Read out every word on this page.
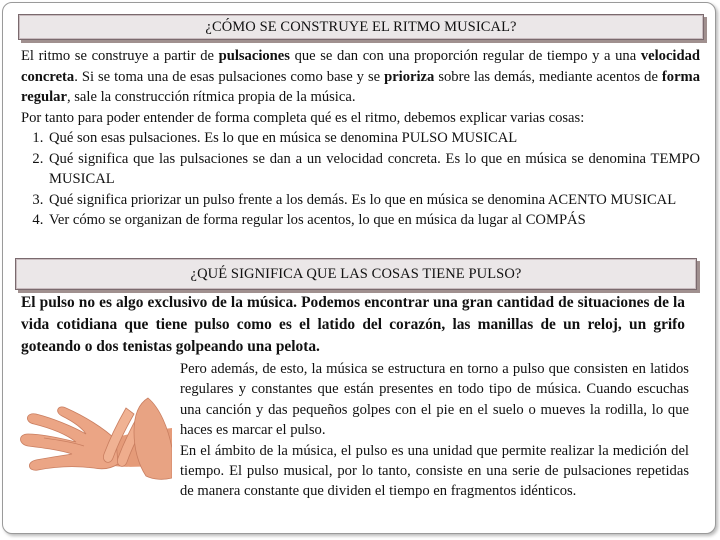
¿CÓMO SE CONSTRUYE EL RITMO MUSICAL?

El ritmo se construye a partir de pulsaciones que se dan con una proporción regular de tiempo y a una velocidad concreta. Si se toma una de esas pulsaciones como base y se prioriza sobre las demás, mediante acentos de forma regular, sale la construcción rítmica propia de la música.

Por tanto para poder entender de forma completa qué es el ritmo, debemos explicar varias cosas:

1. Qué son esas pulsaciones. Es lo que en música se denomina PULSO MUSICAL
2. Qué significa que las pulsaciones se dan a un velocidad concreta. Es lo que en música se denomina TEMPO MUSICAL
3. Qué significa priorizar un pulso frente a los demás. Es lo que en música se denomina ACENTO MUSICAL
4. Ver cómo se organizan de forma regular los acentos, lo que en música da lugar al COMPÁS
¿QUÉ SIGNIFICA QUE LAS COSAS TIENE PULSO?
El pulso no es algo exclusivo de la música. Podemos encontrar una gran cantidad de situaciones de la vida cotidiana que tiene pulso como es el latido del corazón, las manillas de un reloj, un grifo goteando o dos tenistas golpeando una pelota.

Pero además, de esto, la música se estructura en torno a pulso que consisten en latidos regulares y constantes que están presentes en todo tipo de música. Cuando escuchas una canción y das pequeños golpes con el pie en el suelo o mueves la rodilla, lo que haces es marcar el pulso.

En el ámbito de la música, el pulso es una unidad que permite realizar la medición del tiempo. El pulso musical, por lo tanto, consiste en una serie de pulsaciones repetidas de manera constante que dividen el tiempo en fragmentos idénticos.
